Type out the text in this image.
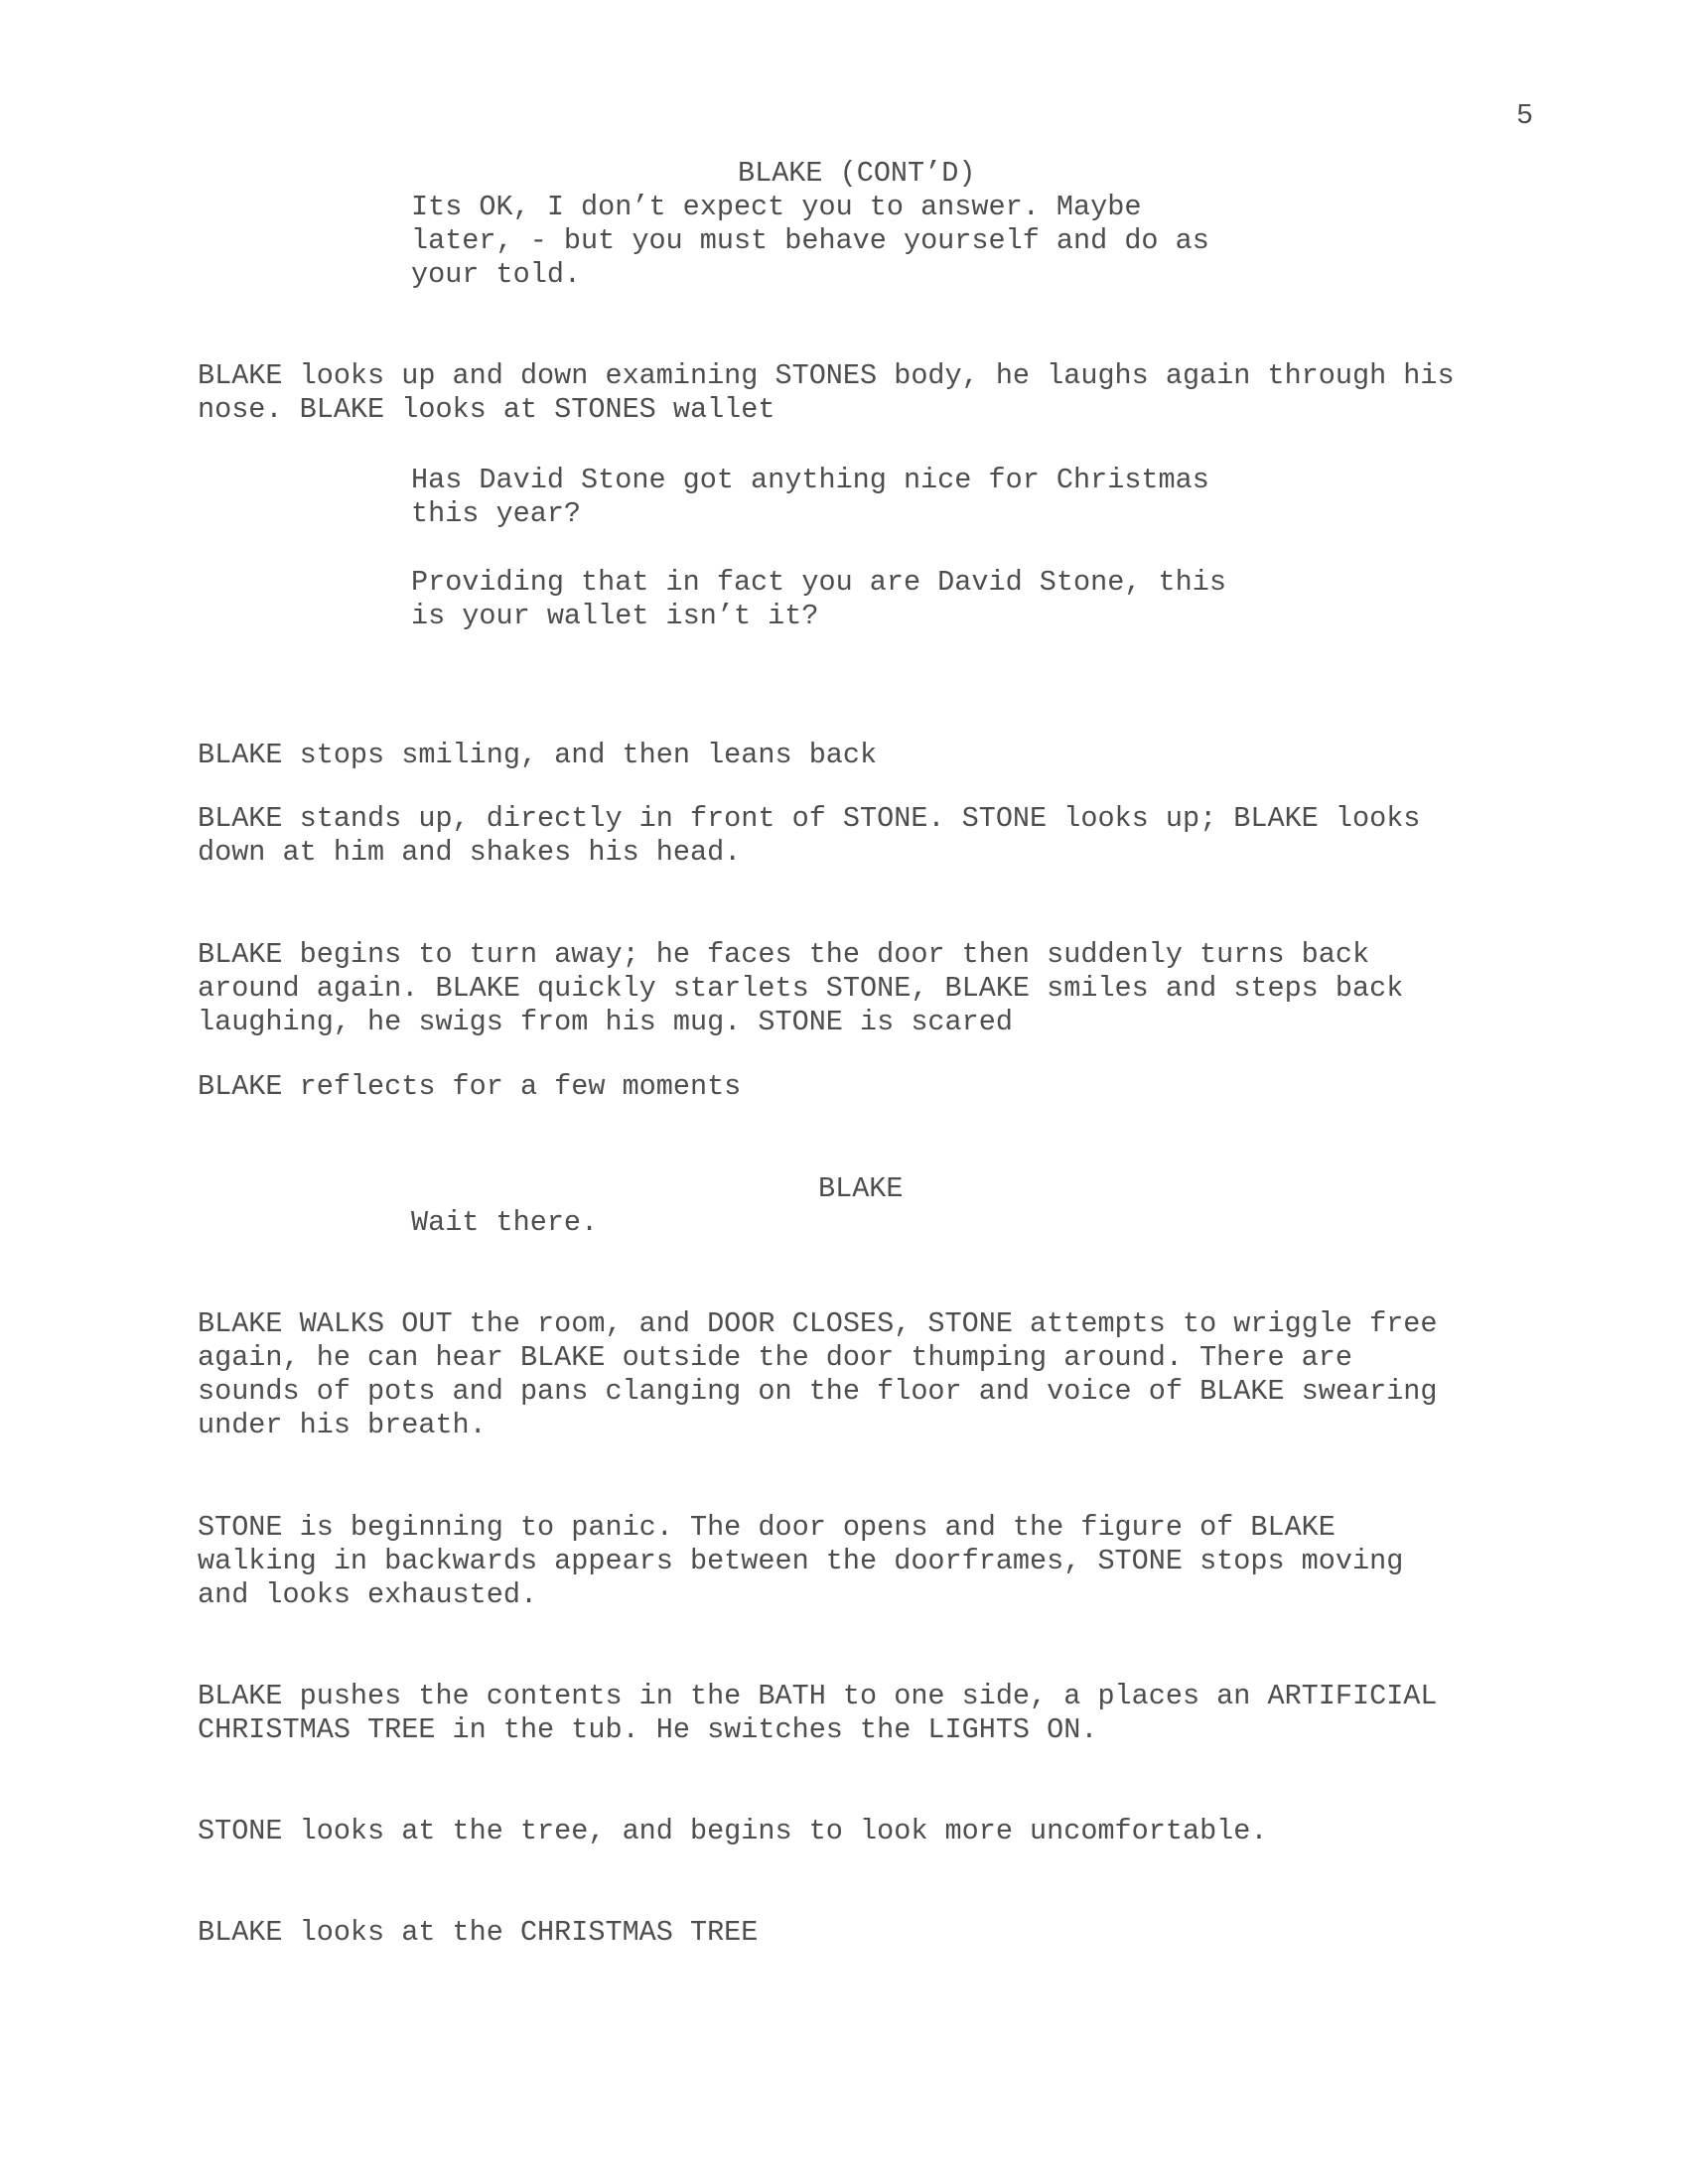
5
BLAKE (CONT’D)
Its OK, I don’t expect you to answer. Maybe
later, - but you must behave yourself and do as
your told.
BLAKE looks up and down examining STONES body, he laughs again through his
nose. BLAKE looks at STONES wallet
Has David Stone got anything nice for Christmas
this year?
Providing that in fact you are David Stone, this
is your wallet isn’t it?
BLAKE stops smiling, and then leans back
BLAKE stands up, directly in front of STONE. STONE looks up; BLAKE looks
down at him and shakes his head.
BLAKE begins to turn away; he faces the door then suddenly turns back
around again. BLAKE quickly starlets STONE, BLAKE smiles and steps back
laughing, he swigs from his mug. STONE is scared
BLAKE reflects for a few moments
BLAKE
Wait there.
BLAKE WALKS OUT the room, and DOOR CLOSES, STONE attempts to wriggle free
again, he can hear BLAKE outside the door thumping around. There are
sounds of pots and pans clanging on the floor and voice of BLAKE swearing
under his breath.
STONE is beginning to panic. The door opens and the figure of BLAKE
walking in backwards appears between the doorframes, STONE stops moving
and looks exhausted.
BLAKE pushes the contents in the BATH to one side, a places an ARTIFICIAL
CHRISTMAS TREE in the tub. He switches the LIGHTS ON.
STONE looks at the tree, and begins to look more uncomfortable.
BLAKE looks at the CHRISTMAS TREE
